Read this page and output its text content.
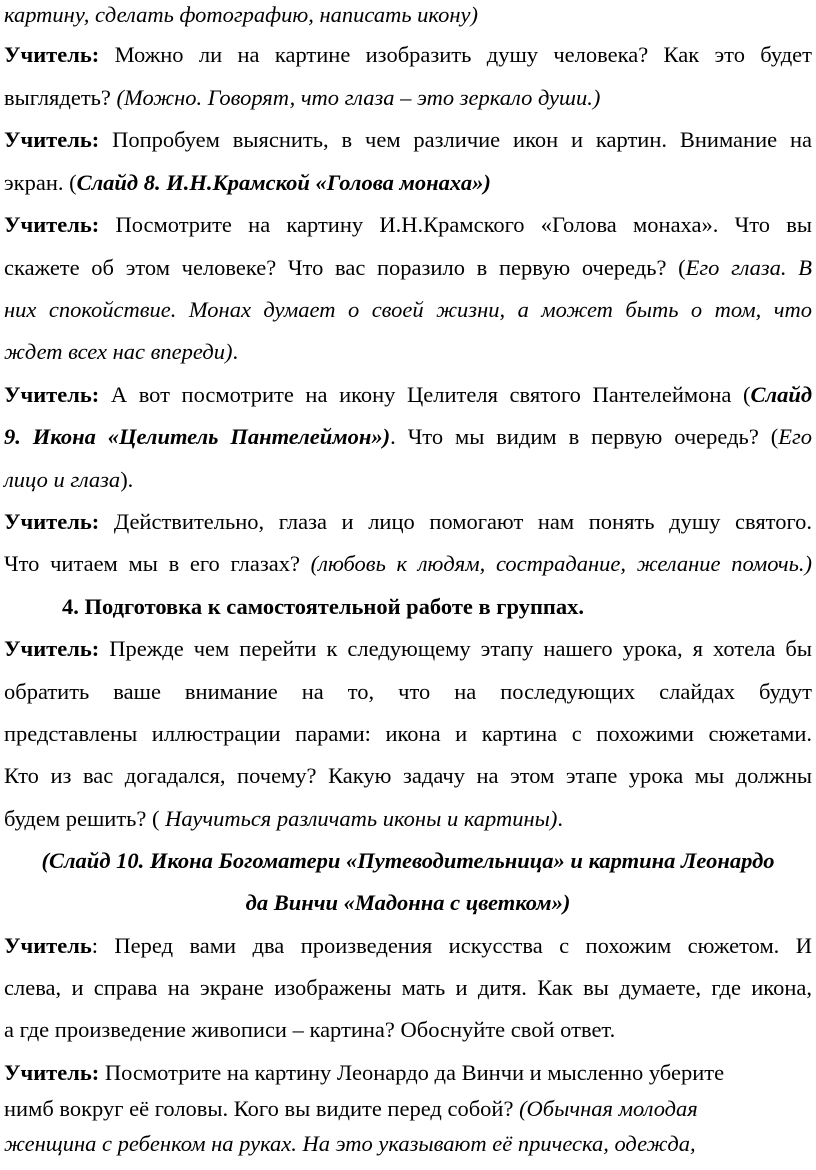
картину, сделать фотографию, написать икону)
Учитель: Можно ли на картине изобразить душу человека? Как это будет
выглядеть? (Можно. Говорят, что глаза – это зеркало души.)
Учитель: Попробуем выяснить, в чем различие икон и картин. Внимание на
экран. (Слайд 8. И.Н.Крамской «Голова монаха»)
Учитель: Посмотрите на картину И.Н.Крамского «Голова монаха». Что вы
скажете об этом человеке? Что вас поразило в первую очередь? (Его глаза. В
них спокойствие. Монах думает о своей жизни, а может быть о том, что
ждет всех нас впереди).
Учитель: А вот посмотрите на икону Целителя святого Пантелеймона (Слайд
9. Икона «Целитель Пантелеймон»). Что мы видим в первую очередь? (Его
лицо и глаза).
Учитель: Действительно, глаза и лицо помогают нам понять душу святого.
Что читаем мы в его глазах? (любовь к людям, сострадание, желание помочь.)
4. Подготовка к самостоятельной работе в группах.
Учитель: Прежде чем перейти к следующему этапу нашего урока, я хотела бы
обратить ваше внимание на то, что на последующих слайдах будут
представлены иллюстрации парами: икона и картина с похожими сюжетами.
Кто из вас догадался, почему? Какую задачу на этом этапе урока мы должны
будем решить? ( Научиться различать иконы и картины).
(Слайд 10. Икона Богоматери «Путеводительница» и картина Леонардо
да Винчи «Мадонна с цветком»)
Учитель: Перед вами два произведения искусства с похожим сюжетом. И
слева, и справа на экране изображены мать и дитя. Как вы думаете, где икона,
а где произведение живописи – картина? Обоснуйте свой ответ.
Учитель: Посмотрите на картину Леонардо да Винчи и мысленно уберите
нимб вокруг её головы. Кого вы видите перед собой? (Обычная молодая
женщина с ребенком на руках. На это указывают её прическа, одежда,
